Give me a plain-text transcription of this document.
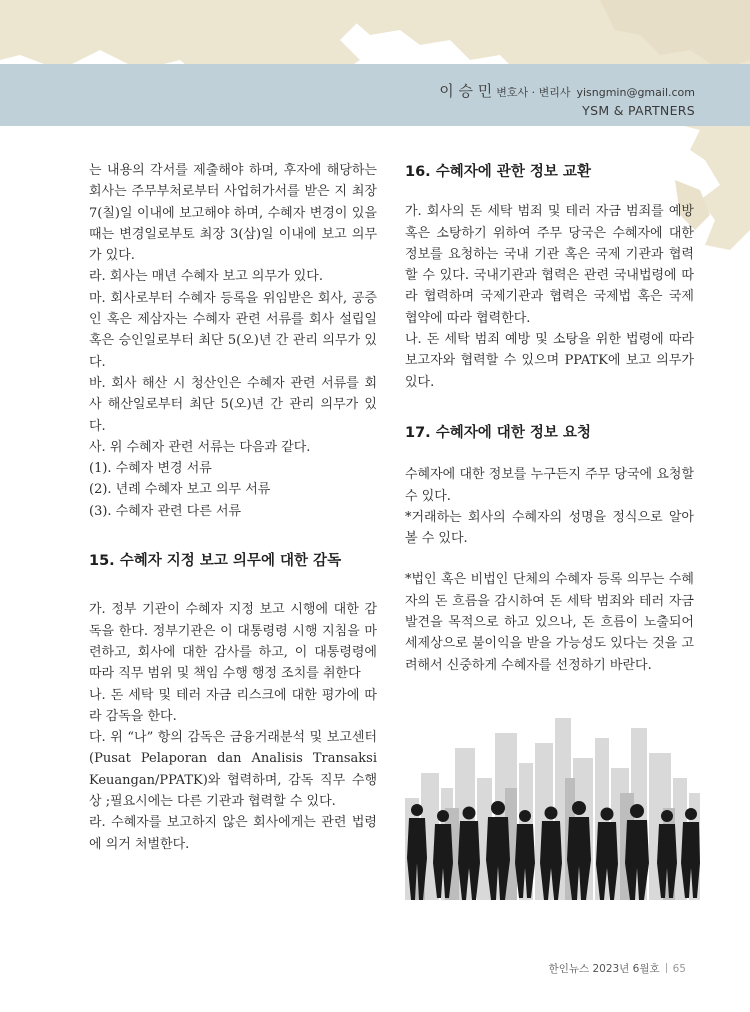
이 승 민 변호사 · 변리사 yisngmin@gmail.com
YSM & PARTNERS

는 내용의 각서를 제출해야 하며, 후자에 해당하는 회사는 주무부처로부터 사업허가서를 받은 지 최장 7(칠)일 이내에 보고해야 하며, 수혜자 변경이 있을 때는 변경일로부토 최장 3(삼)일 이내에 보고 의무가 있다.

라. 회사는 매년 수혜자 보고 의무가 있다.

마. 회사로부터 수혜자 등록을 위임받은 회사, 공증인 혹은 제삼자는 수혜자 관련 서류를 회사 설립일 혹은 승인일로부터 최단 5(오)년 간 관리 의무가 있다.

바. 회사 해산 시 청산인은 수혜자 관련 서류를 회사 해산일로부터 최단 5(오)년 간 관리 의무가 있다.

사. 위 수혜자 관련 서류는 다음과 같다.

(1). 수혜자 변경 서류

(2). 년례 수혜자 보고 의무 서류

(3). 수혜자 관련 다른 서류

15. 수혜자 지정 보고 의무에 대한 감독

가. 정부 기관이 수혜자 지정 보고 시행에 대한 감독을 한다. 정부기관은 이 대통령령 시행 지침을 마련하고, 회사에 대한 감사를 하고, 이 대통령령에 따라 직무 범위 및 책임 수행 행정 조치를 취한다

나. 돈 세탁 및 테러 자금 리스크에 대한 평가에 따라 감독을 한다.

다. 위 “나” 항의 감독은 금융거래분석 및 보고센터(Pusat Pelaporan dan Analisis Transaksi Keuangan/PPATK)와 협력하며, 감독 직무 수행상 ;필요시에는 다른 기관과 협력할 수 있다.

라. 수혜자를 보고하지 않은 회사에게는 관련 법령에 의거 처벌한다.

16. 수혜자에 관한 정보 교환

가. 회사의 돈 세탁 범죄 및 테러 자금 범죄를 예방 혹은 소탕하기 위하여 주무 당국은 수혜자에 대한 정보를 요청하는 국내 기관 혹은 국제 기관과 협력할 수 있다. 국내기관과 협력은 관련 국내법령에 따라 협력하며 국제기관과 협력은 국제법 혹은 국제 협약에 따라 협력한다.

나. 돈 세탁 범죄 예방 및 소탕을 위한 법령에 따라 보고자와 협력할 수 있으며 PPATK에 보고 의무가 있다.

17. 수혜자에 대한 정보 요청

수혜자에 대한 정보를 누구든지 주무 당국에 요청할 수 있다.

*거래하는 회사의 수혜자의 성명을 정식으로 알아 볼 수 있다.

*법인 혹은 비법인 단체의 수혜자 등록 의무는 수혜자의 돈 흐름을 감시하여 돈 세탁 범죄와 테러 자금 발견을 목적으로 하고 있으나, 돈 흐름이 노출되어 세제상으로 불이익을 받을 가능성도 있다는 것을 고려해서 신중하게 수혜자를 선정하기 바란다.

한인뉴스 2023년 6월호 65
